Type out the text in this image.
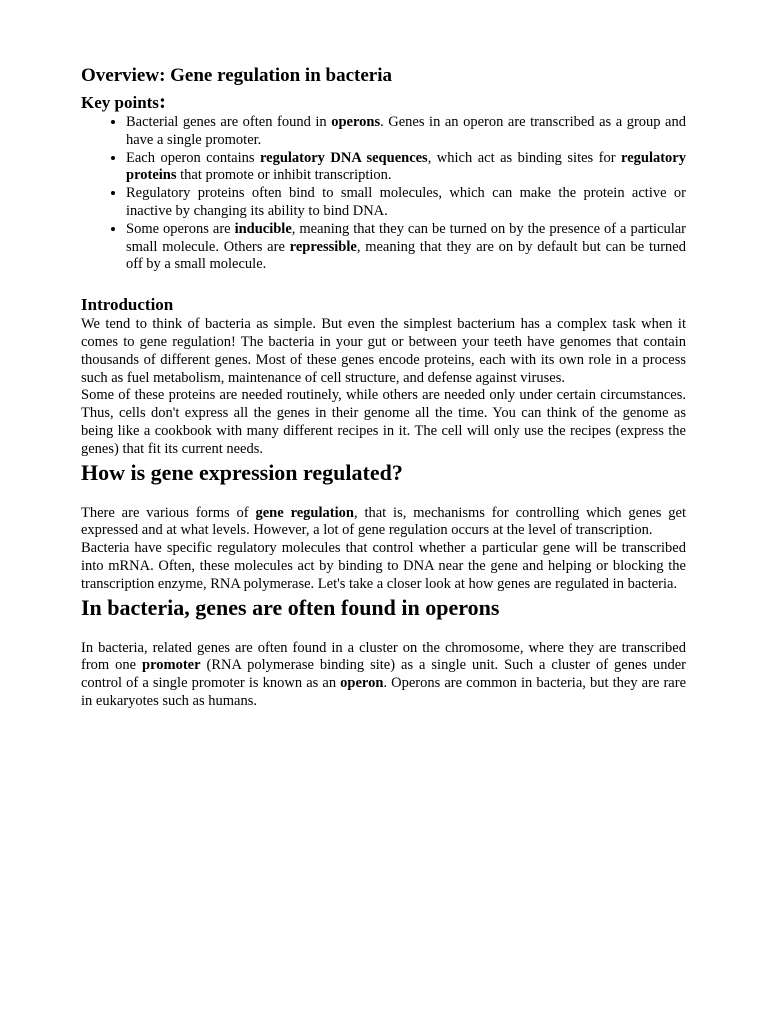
Overview: Gene regulation in bacteria
Key points:
• Bacterial genes are often found in operons. Genes in an operon are transcribed as a group and have a single promoter.
• Each operon contains regulatory DNA sequences, which act as binding sites for regulatory proteins that promote or inhibit transcription.
• Regulatory proteins often bind to small molecules, which can make the protein active or inactive by changing its ability to bind DNA.
• Some operons are inducible, meaning that they can be turned on by the presence of a particular small molecule. Others are repressible, meaning that they are on by default but can be turned off by a small molecule.
Introduction

We tend to think of bacteria as simple. But even the simplest bacterium has a complex task when it comes to gene regulation! The bacteria in your gut or between your teeth have genomes that contain thousands of different genes. Most of these genes encode proteins, each with its own role in a process such as fuel metabolism, maintenance of cell structure, and defense against viruses.

Some of these proteins are needed routinely, while others are needed only under certain circumstances. Thus, cells don't express all the genes in their genome all the time. You can think of the genome as being like a cookbook with many different recipes in it. The cell will only use the recipes (express the genes) that fit its current needs.

How is gene expression regulated?

There are various forms of gene regulation, that is, mechanisms for controlling which genes get expressed and at what levels. However, a lot of gene regulation occurs at the level of transcription.

Bacteria have specific regulatory molecules that control whether a particular gene will be transcribed into mRNA. Often, these molecules act by binding to DNA near the gene and helping or blocking the transcription enzyme, RNA polymerase. Let's take a closer look at how genes are regulated in bacteria.

In bacteria, genes are often found in operons

In bacteria, related genes are often found in a cluster on the chromosome, where they are transcribed from one promoter (RNA polymerase binding site) as a single unit. Such a cluster of genes under control of a single promoter is known as an operon. Operons are common in bacteria, but they are rare in eukaryotes such as humans.
